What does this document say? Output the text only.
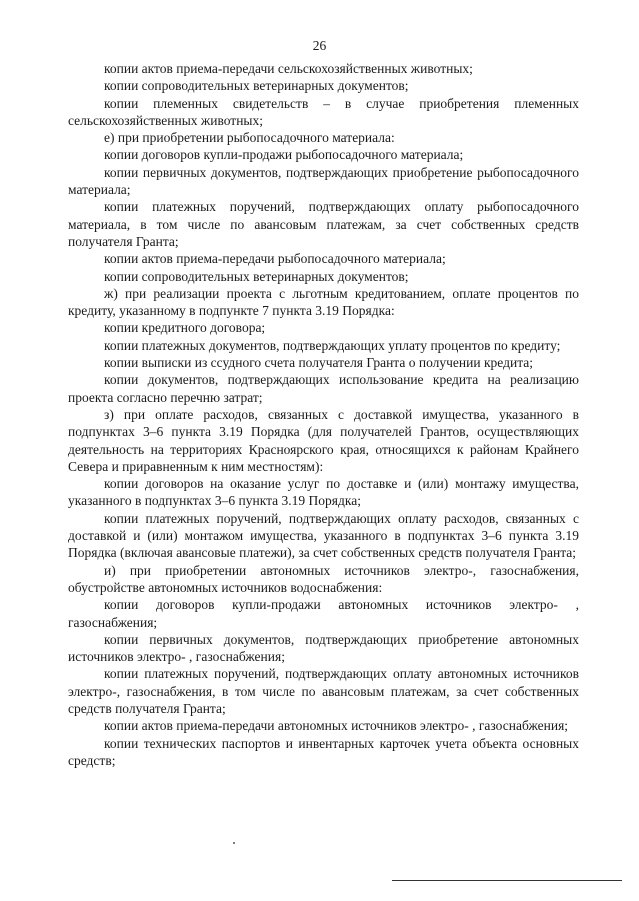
26

копии актов приема-передачи сельскохозяйственных животных;

копии сопроводительных ветеринарных документов;

копии племенных свидетельств – в случае приобретения племенных сельскохозяйственных животных;

е) при приобретении рыбопосадочного материала:

копии договоров купли-продажи рыбопосадочного материала;

копии первичных документов, подтверждающих приобретение рыбопосадочного материала;

копии платежных поручений, подтверждающих оплату рыбопосадочного материала, в том числе по авансовым платежам, за счет собственных средств получателя Гранта;

копии актов приема-передачи рыбопосадочного материала;

копии сопроводительных ветеринарных документов;

ж) при реализации проекта с льготным кредитованием, оплате процентов по кредиту, указанному в подпункте 7 пункта 3.19 Порядка:

копии кредитного договора;

копии платежных документов, подтверждающих уплату процентов по кредиту;

копии выписки из ссудного счета получателя Гранта о получении кредита;

копии документов, подтверждающих использование кредита на реализацию проекта согласно перечню затрат;

з) при оплате расходов, связанных с доставкой имущества, указанного в подпунктах 3–6 пункта 3.19 Порядка (для получателей Грантов, осуществляющих деятельность на территориях Красноярского края, относящихся к районам Крайнего Севера и приравненным к ним местностям):

копии договоров на оказание услуг по доставке и (или) монтажу имущества, указанного в подпунктах 3–6 пункта 3.19 Порядка;

копии платежных поручений, подтверждающих оплату расходов, связанных с доставкой и (или) монтажом имущества, указанного в подпунктах 3–6 пункта 3.19 Порядка (включая авансовые платежи), за счет собственных средств получателя Гранта;

и) при приобретении автономных источников электро-, газоснабжения, обустройстве автономных источников водоснабжения:

копии договоров купли-продажи автономных источников электро- , газоснабжения;

копии первичных документов, подтверждающих приобретение автономных источников электро- , газоснабжения;

копии платежных поручений, подтверждающих оплату автономных источников электро-, газоснабжения, в том числе по авансовым платежам, за счет собственных средств получателя Гранта;

копии актов приема-передачи автономных источников электро- , газоснабжения;

копии технических паспортов и инвентарных карточек учета объекта основных средств;
